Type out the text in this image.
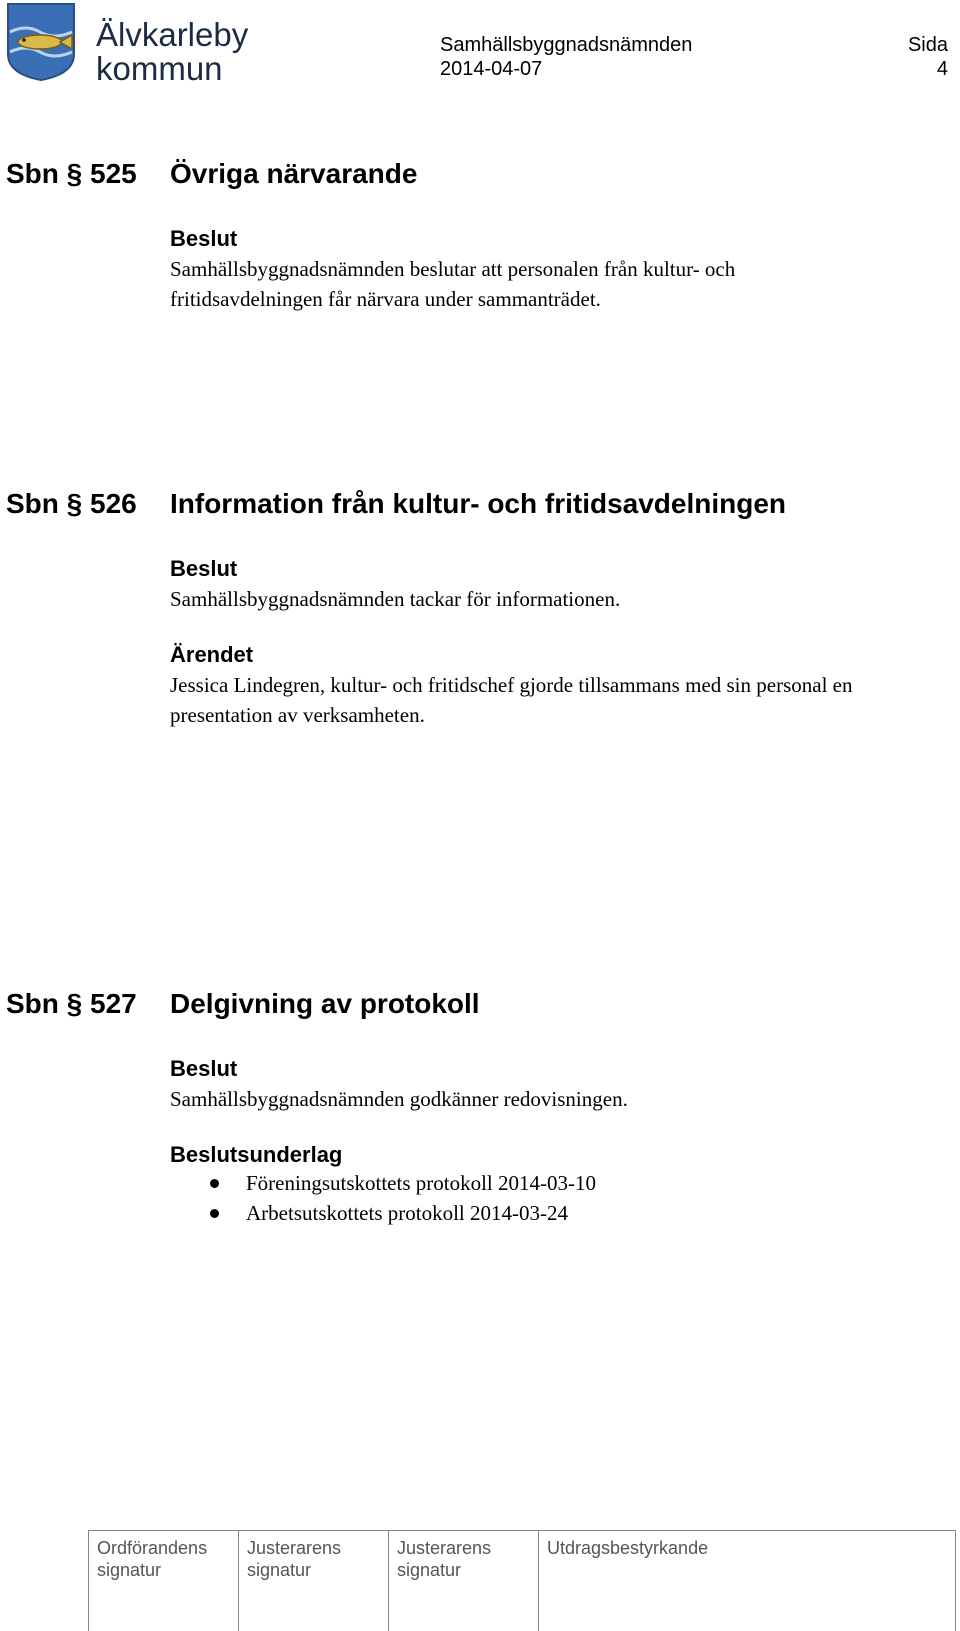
Älvkarleby
kommun
Samhällsbyggnadsnämnden
2014-04-07
Sida
4
Sbn § 525 Övriga närvarande
Beslut
Samhällsbyggnadsnämnden beslutar att personalen från kultur- och fritidsavdelningen får närvara under sammanträdet.
Sbn § 526 Information från kultur- och fritidsavdelningen
Beslut
Samhällsbyggnadsnämnden tackar för informationen.
Ärendet
Jessica Lindegren, kultur- och fritidschef gjorde tillsammans med sin personal en presentation av verksamheten.
Sbn § 527 Delgivning av protokoll
Beslut
Samhällsbyggnadsnämnden godkänner redovisningen.
Beslutsunderlag
Föreningsutskottets protokoll 2014-03-10
Arbetsutskottets protokoll 2014-03-24
Ordförandens
signatur
Justerarens
signatur
Justerarens
signatur
Utdragsbestyrkande
